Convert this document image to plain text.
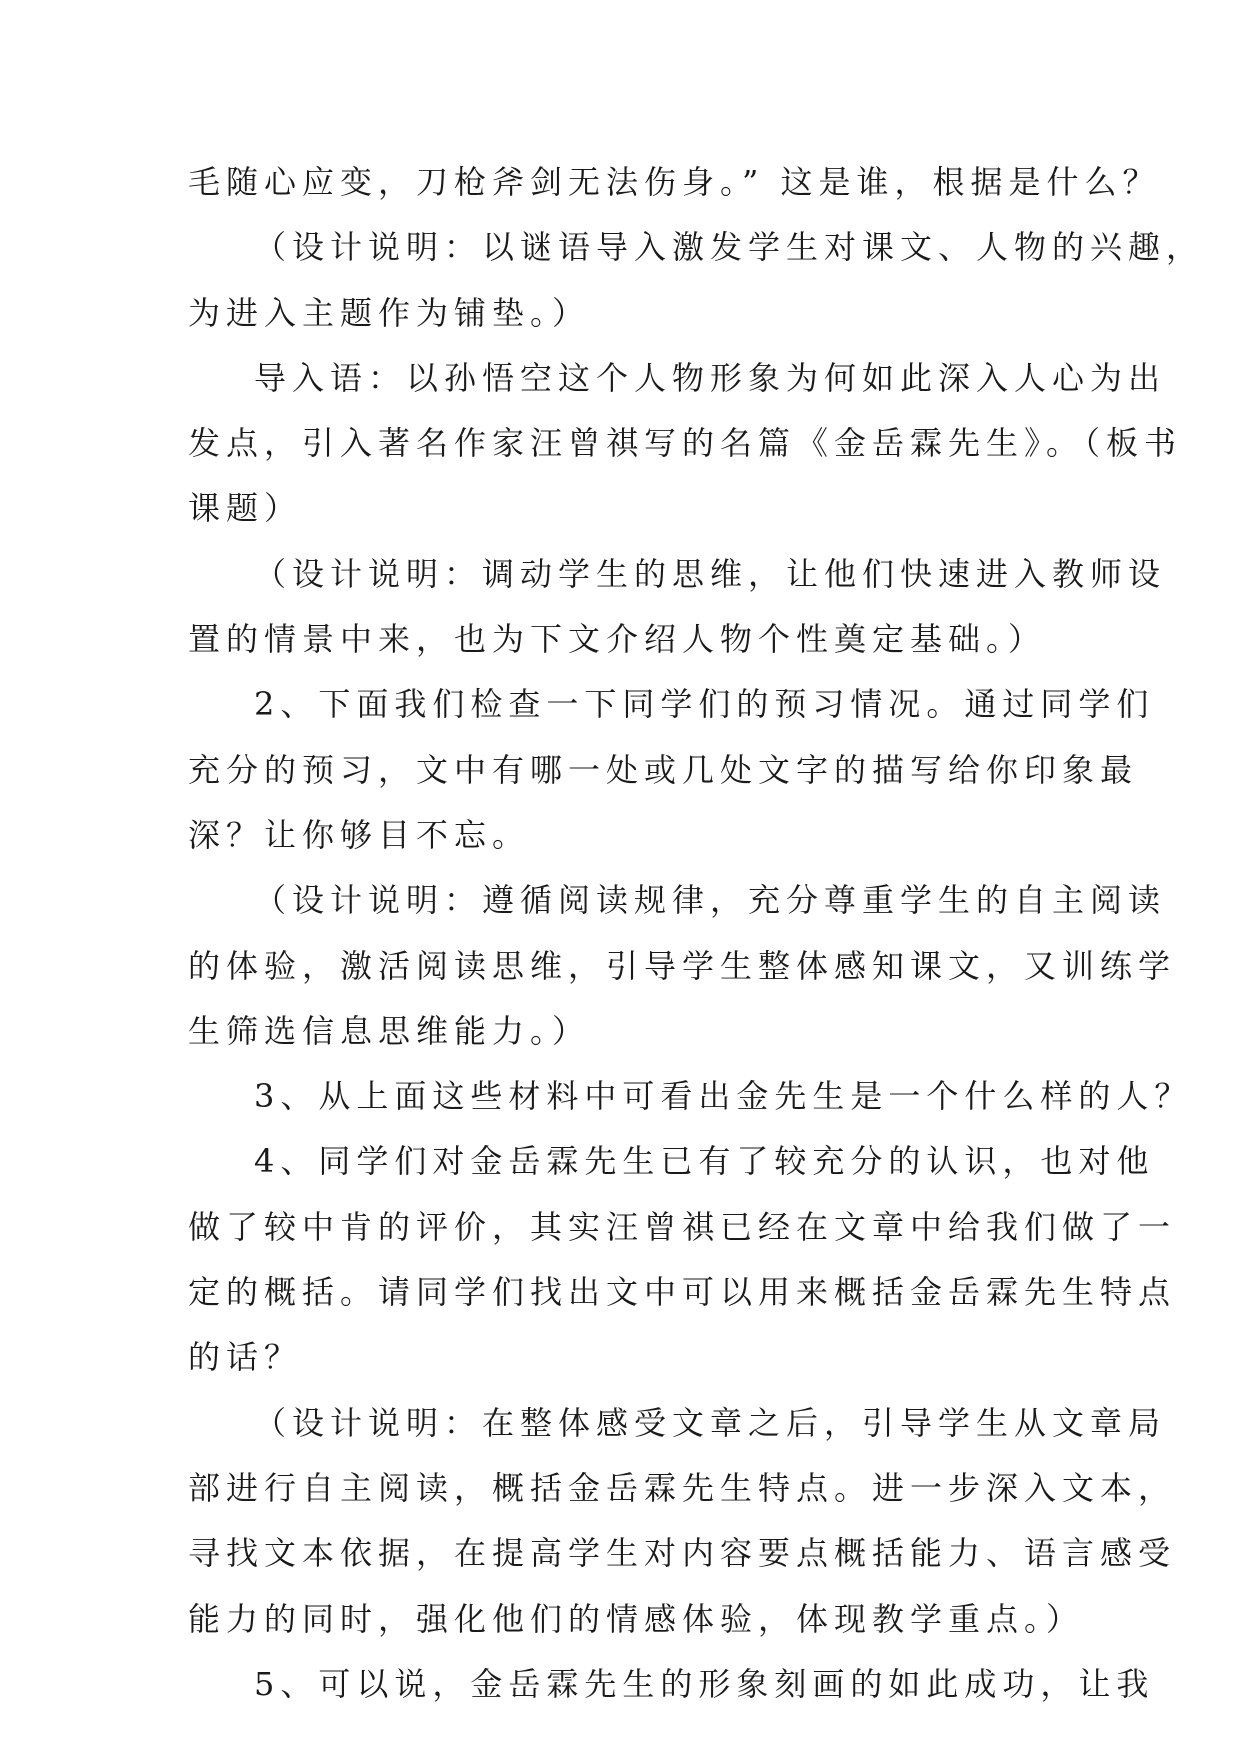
毛随心应变，刀枪斧剑无法伤身。” 这是谁，根据是什么？
（设计说明：以谜语导入激发学生对课文、人物的兴趣，
为进入主题作为铺垫。）
导入语：以孙悟空这个人物形象为何如此深入人心为出
发点，引入著名作家汪曾祺写的名篇《金岳霖先生》。（板书
课题）
（设计说明：调动学生的思维，让他们快速进入教师设
置的情景中来，也为下文介绍人物个性奠定基础。）
2、下面我们检查一下同学们的预习情况。通过同学们
充分的预习，文中有哪一处或几处文字的描写给你印象最
深？让你够目不忘。
（设计说明：遵循阅读规律，充分尊重学生的自主阅读
的体验，激活阅读思维，引导学生整体感知课文，又训练学
生筛选信息思维能力。）
3、从上面这些材料中可看出金先生是一个什么样的人？
4、同学们对金岳霖先生已有了较充分的认识，也对他
做了较中肯的评价，其实汪曾祺已经在文章中给我们做了一
定的概括。请同学们找出文中可以用来概括金岳霖先生特点
的话？
（设计说明：在整体感受文章之后，引导学生从文章局
部进行自主阅读，概括金岳霖先生特点。进一步深入文本，
寻找文本依据，在提高学生对内容要点概括能力、语言感受
能力的同时，强化他们的情感体验，体现教学重点。）
5、可以说，金岳霖先生的形象刻画的如此成功，让我
